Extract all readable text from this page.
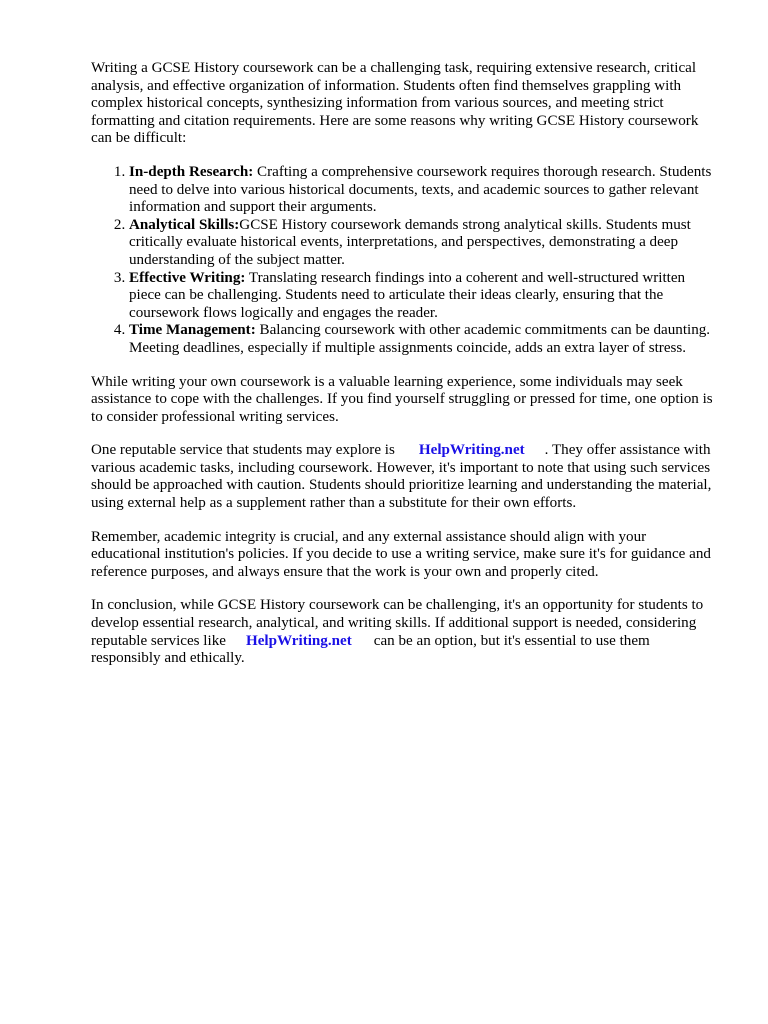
Writing a GCSE History coursework can be a challenging task, requiring extensive research, critical analysis, and effective organization of information. Students often find themselves grappling with complex historical concepts, synthesizing information from various sources, and meeting strict formatting and citation requirements. Here are some reasons why writing GCSE History coursework can be difficult:

1. In-depth Research: Crafting a comprehensive coursework requires thorough research. Students need to delve into various historical documents, texts, and academic sources to gather relevant information and support their arguments.
2. Analytical Skills:GCSE History coursework demands strong analytical skills. Students must critically evaluate historical events, interpretations, and perspectives, demonstrating a deep understanding of the subject matter.
3. Effective Writing: Translating research findings into a coherent and well-structured written piece can be challenging. Students need to articulate their ideas clearly, ensuring that the coursework flows logically and engages the reader.
4. Time Management: Balancing coursework with other academic commitments can be daunting. Meeting deadlines, especially if multiple assignments coincide, adds an extra layer of stress.

While writing your own coursework is a valuable learning experience, some individuals may seek assistance to cope with the challenges. If you find yourself struggling or pressed for time, one option is to consider professional writing services.

One reputable service that students may explore is HelpWriting.net . They offer assistance with various academic tasks, including coursework. However, it's important to note that using such services should be approached with caution. Students should prioritize learning and understanding the material, using external help as a supplement rather than a substitute for their own efforts.

Remember, academic integrity is crucial, and any external assistance should align with your educational institution's policies. If you decide to use a writing service, make sure it's for guidance and reference purposes, and always ensure that the work is your own and properly cited.

In conclusion, while GCSE History coursework can be challenging, it's an opportunity for students to develop essential research, analytical, and writing skills. If additional support is needed, considering reputable services like HelpWriting.net can be an option, but it's essential to use them responsibly and ethically.
